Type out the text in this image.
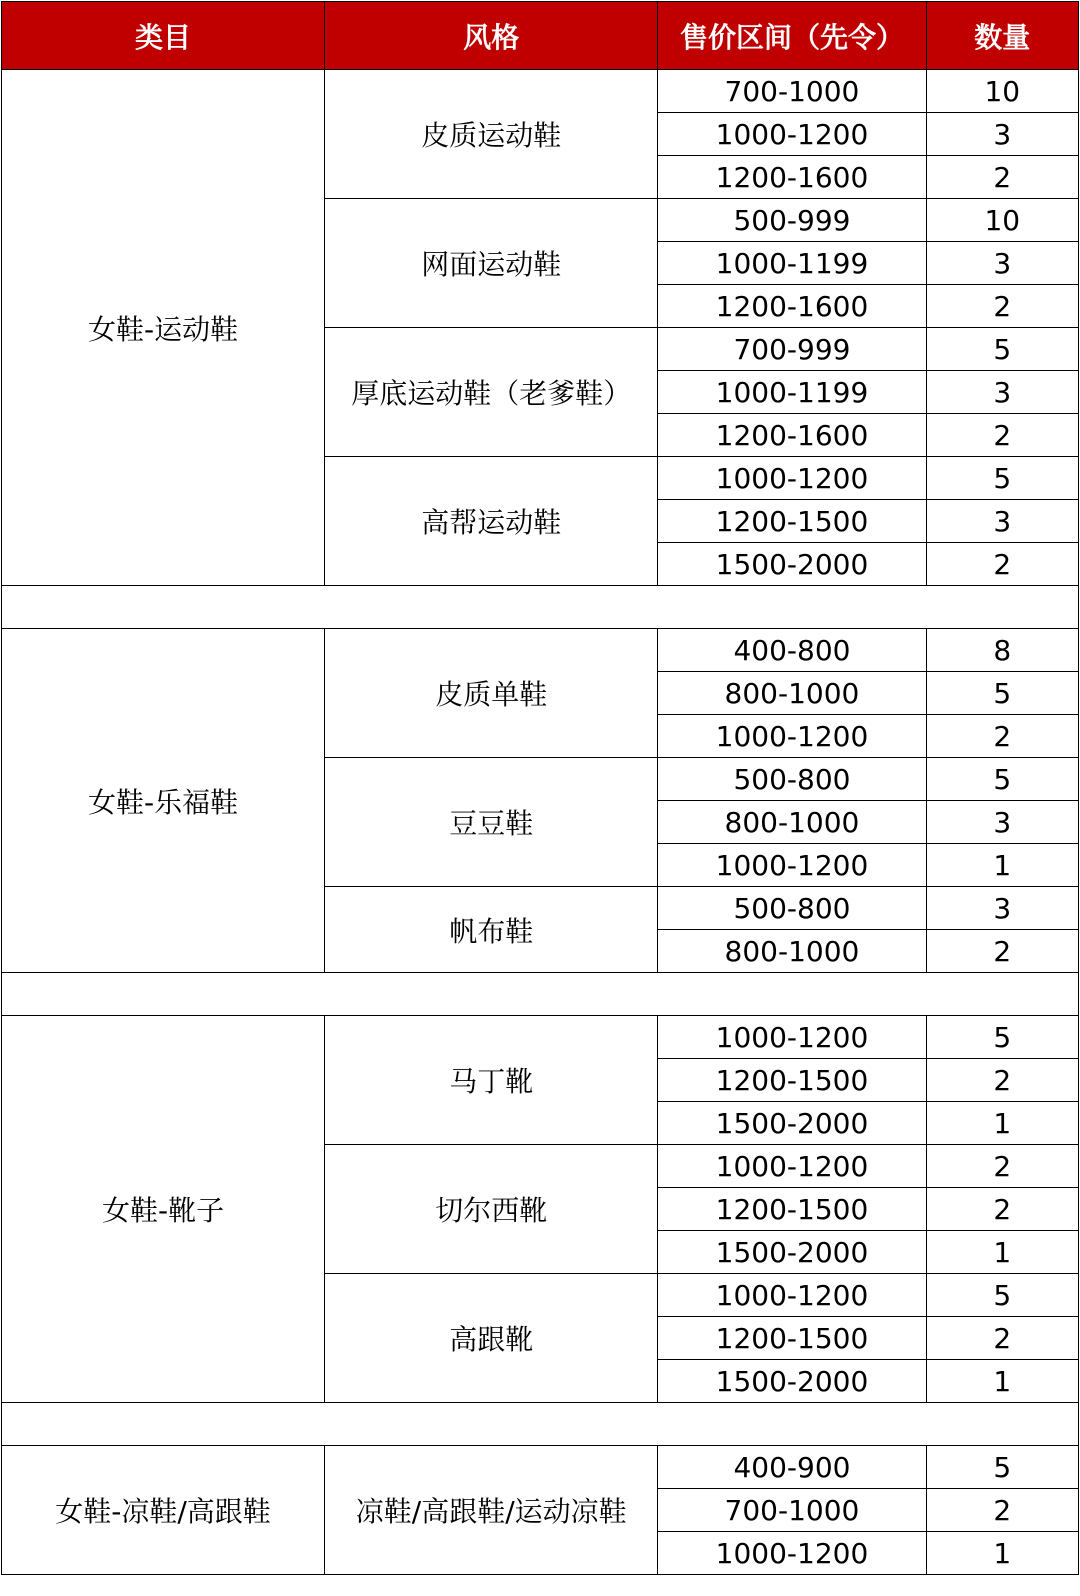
类目	风格	售价区间（先令）	数量
女鞋-运动鞋	皮质运动鞋	700-1000	10
		1000-1200	3
		1200-1600	2
	网面运动鞋	500-999	10
		1000-1199	3
		1200-1600	2
	厚底运动鞋（老爹鞋）	700-999	5
		1000-1199	3
		1200-1600	2
	高帮运动鞋	1000-1200	5
		1200-1500	3
		1500-2000	2

女鞋-乐福鞋	皮质单鞋	400-800	8
		800-1000	5
		1000-1200	2
	豆豆鞋	500-800	5
		800-1000	3
		1000-1200	1
	帆布鞋	500-800	3
		800-1000	2

女鞋-靴子	马丁靴	1000-1200	5
		1200-1500	2
		1500-2000	1
	切尔西靴	1000-1200	2
		1200-1500	2
		1500-2000	1
	高跟靴	1000-1200	5
		1200-1500	2
		1500-2000	1

女鞋-凉鞋/高跟鞋	凉鞋/高跟鞋/运动凉鞋	400-900	5
		700-1000	2
		1000-1200	1
